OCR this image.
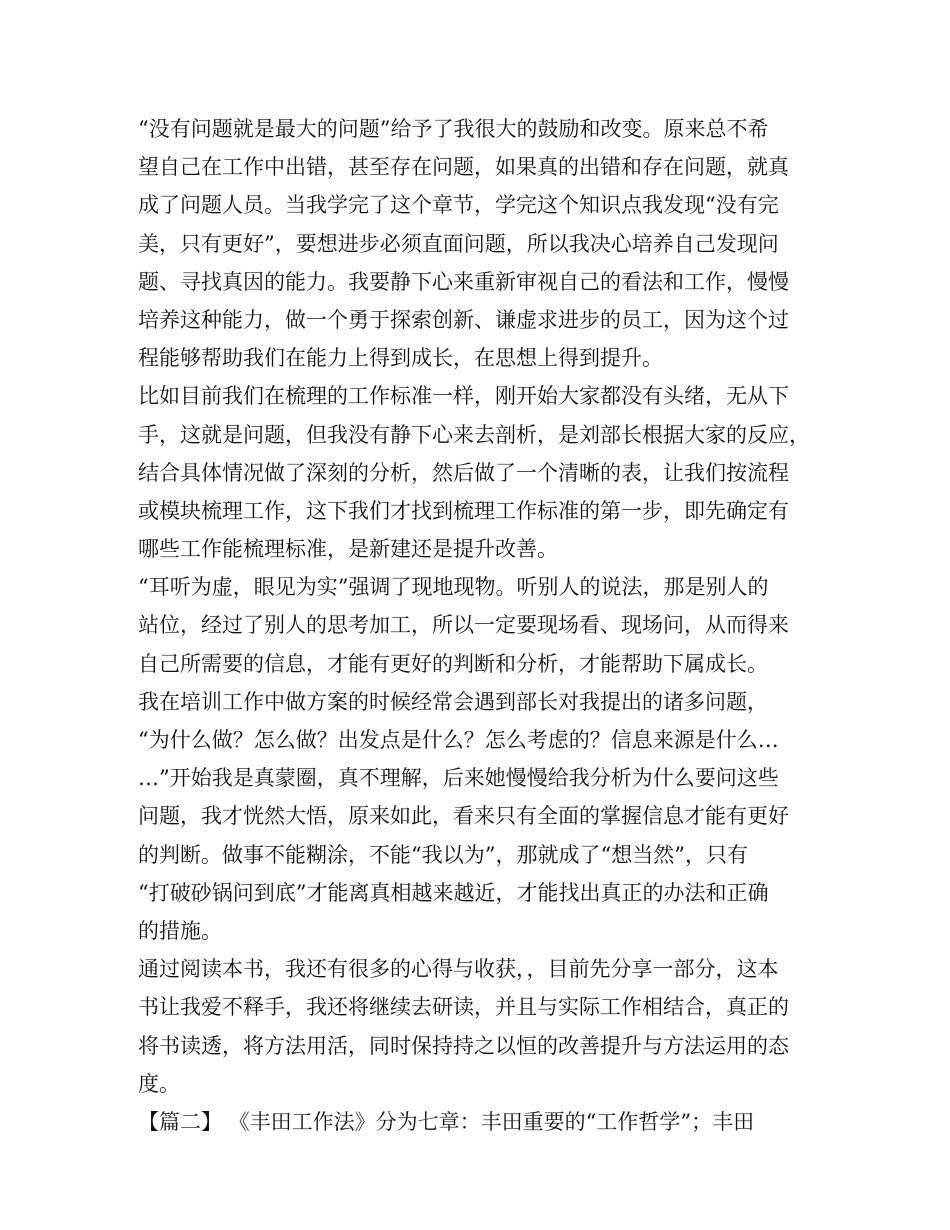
“没有问题就是最大的问题”给予了我很大的鼓励和改变。原来总不希

望自己在工作中出错，甚至存在问题，如果真的出错和存在问题，就真

成了问题人员。当我学完了这个章节，学完这个知识点我发现“没有完

美，只有更好”，要想进步必须直面问题，所以我决心培养自己发现问

题、寻找真因的能力。我要静下心来重新审视自己的看法和工作，慢慢

培养这种能力，做一个勇于探索创新、谦虚求进步的员工，因为这个过

程能够帮助我们在能力上得到成长，在思想上得到提升。

比如目前我们在梳理的工作标准一样，刚开始大家都没有头绪，无从下

手，这就是问题，但我没有静下心来去剖析，是刘部长根据大家的反应，

结合具体情况做了深刻的分析，然后做了一个清晰的表，让我们按流程

或模块梳理工作，这下我们才找到梳理工作标准的第一步，即先确定有

哪些工作能梳理标准，是新建还是提升改善。

“耳听为虚，眼见为实”强调了现地现物。听别人的说法，那是别人的

站位，经过了别人的思考加工，所以一定要现场看、现场问，从而得来

自己所需要的信息，才能有更好的判断和分析，才能帮助下属成长。

我在培训工作中做方案的时候经常会遇到部长对我提出的诸多问题，

“为什么做？怎么做？出发点是什么？怎么考虑的？信息来源是什么…

…”开始我是真蒙圈，真不理解，后来她慢慢给我分析为什么要问这些

问题，我才恍然大悟，原来如此，看来只有全面的掌握信息才能有更好

的判断。做事不能糊涂，不能“我以为”，那就成了“想当然”，只有

“打破砂锅问到底”才能离真相越来越近，才能找出真正的办法和正确

的措施。

通过阅读本书，我还有很多的心得与收获，，目前先分享一部分，这本

书让我爱不释手，我还将继续去研读，并且与实际工作相结合，真正的

将书读透，将方法用活，同时保持持之以恒的改善提升与方法运用的态

度。

【篇二】 《丰田工作法》分为七章：丰田重要的“工作哲学”；丰田
